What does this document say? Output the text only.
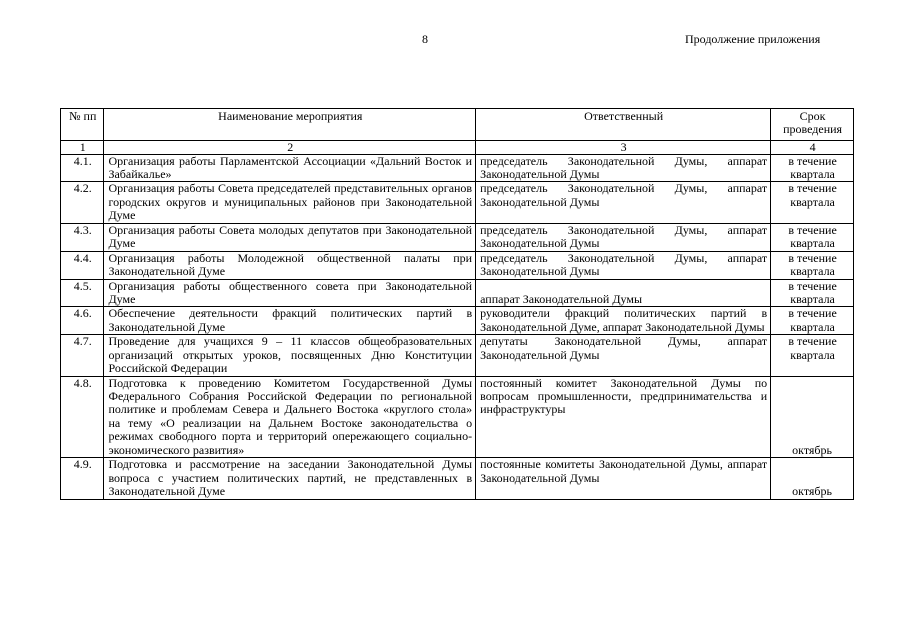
8	Продолжение приложения
№ пп	Наименование мероприятия	Ответственный	Срок проведения
1	2	3	4
4.1.	Организация работы Парламентской Ассоциации «Дальний Восток и Забайкалье»	председатель Законодательной Думы, аппарат Законодательной Думы	в течение квартала
4.2.	Организация работы Совета председателей представительных органов городских округов и муниципальных районов при Законодательной Думе	председатель Законодательной Думы, аппарат Законодательной Думы	в течение квартала
4.3.	Организация работы Совета молодых депутатов при Законодательной Думе	председатель Законодательной Думы, аппарат Законодательной Думы	в течение квартала
4.4.	Организация работы Молодежной общественной палаты при Законодательной Думе	председатель Законодательной Думы, аппарат Законодательной Думы	в течение квартала
4.5.	Организация работы общественного совета при Законодательной Думе	аппарат Законодательной Думы	в течение квартала
4.6.	Обеспечение деятельности фракций политических партий в Законодательной Думе	руководители фракций политических партий в Законодательной Думе, аппарат Законодательной Думы	в течение квартала
4.7.	Проведение для учащихся 9 – 11 классов общеобразовательных организаций открытых уроков, посвященных Дню Конституции Российской Федерации	депутаты Законодательной Думы, аппарат Законодательной Думы	в течение квартала
4.8.	Подготовка к проведению Комитетом Государственной Думы Федерального Собрания Российской Федерации по региональной политике и проблемам Севера и Дальнего Востока «круглого стола» на тему «О реализации на Дальнем Востоке законодательства о режимах свободного порта и территорий опережающего социально-экономического развития»	постоянный комитет Законодательной Думы по вопросам промышленности, предпринимательства и инфраструктуры	октябрь

4.9.	Подготовка и рассмотрение на заседании Законодательной Думы вопроса с участием политических партий, не представленных в Законодательной Думе	постоянные комитеты Законодательной Думы, аппарат Законодательной Думы	октябрь
